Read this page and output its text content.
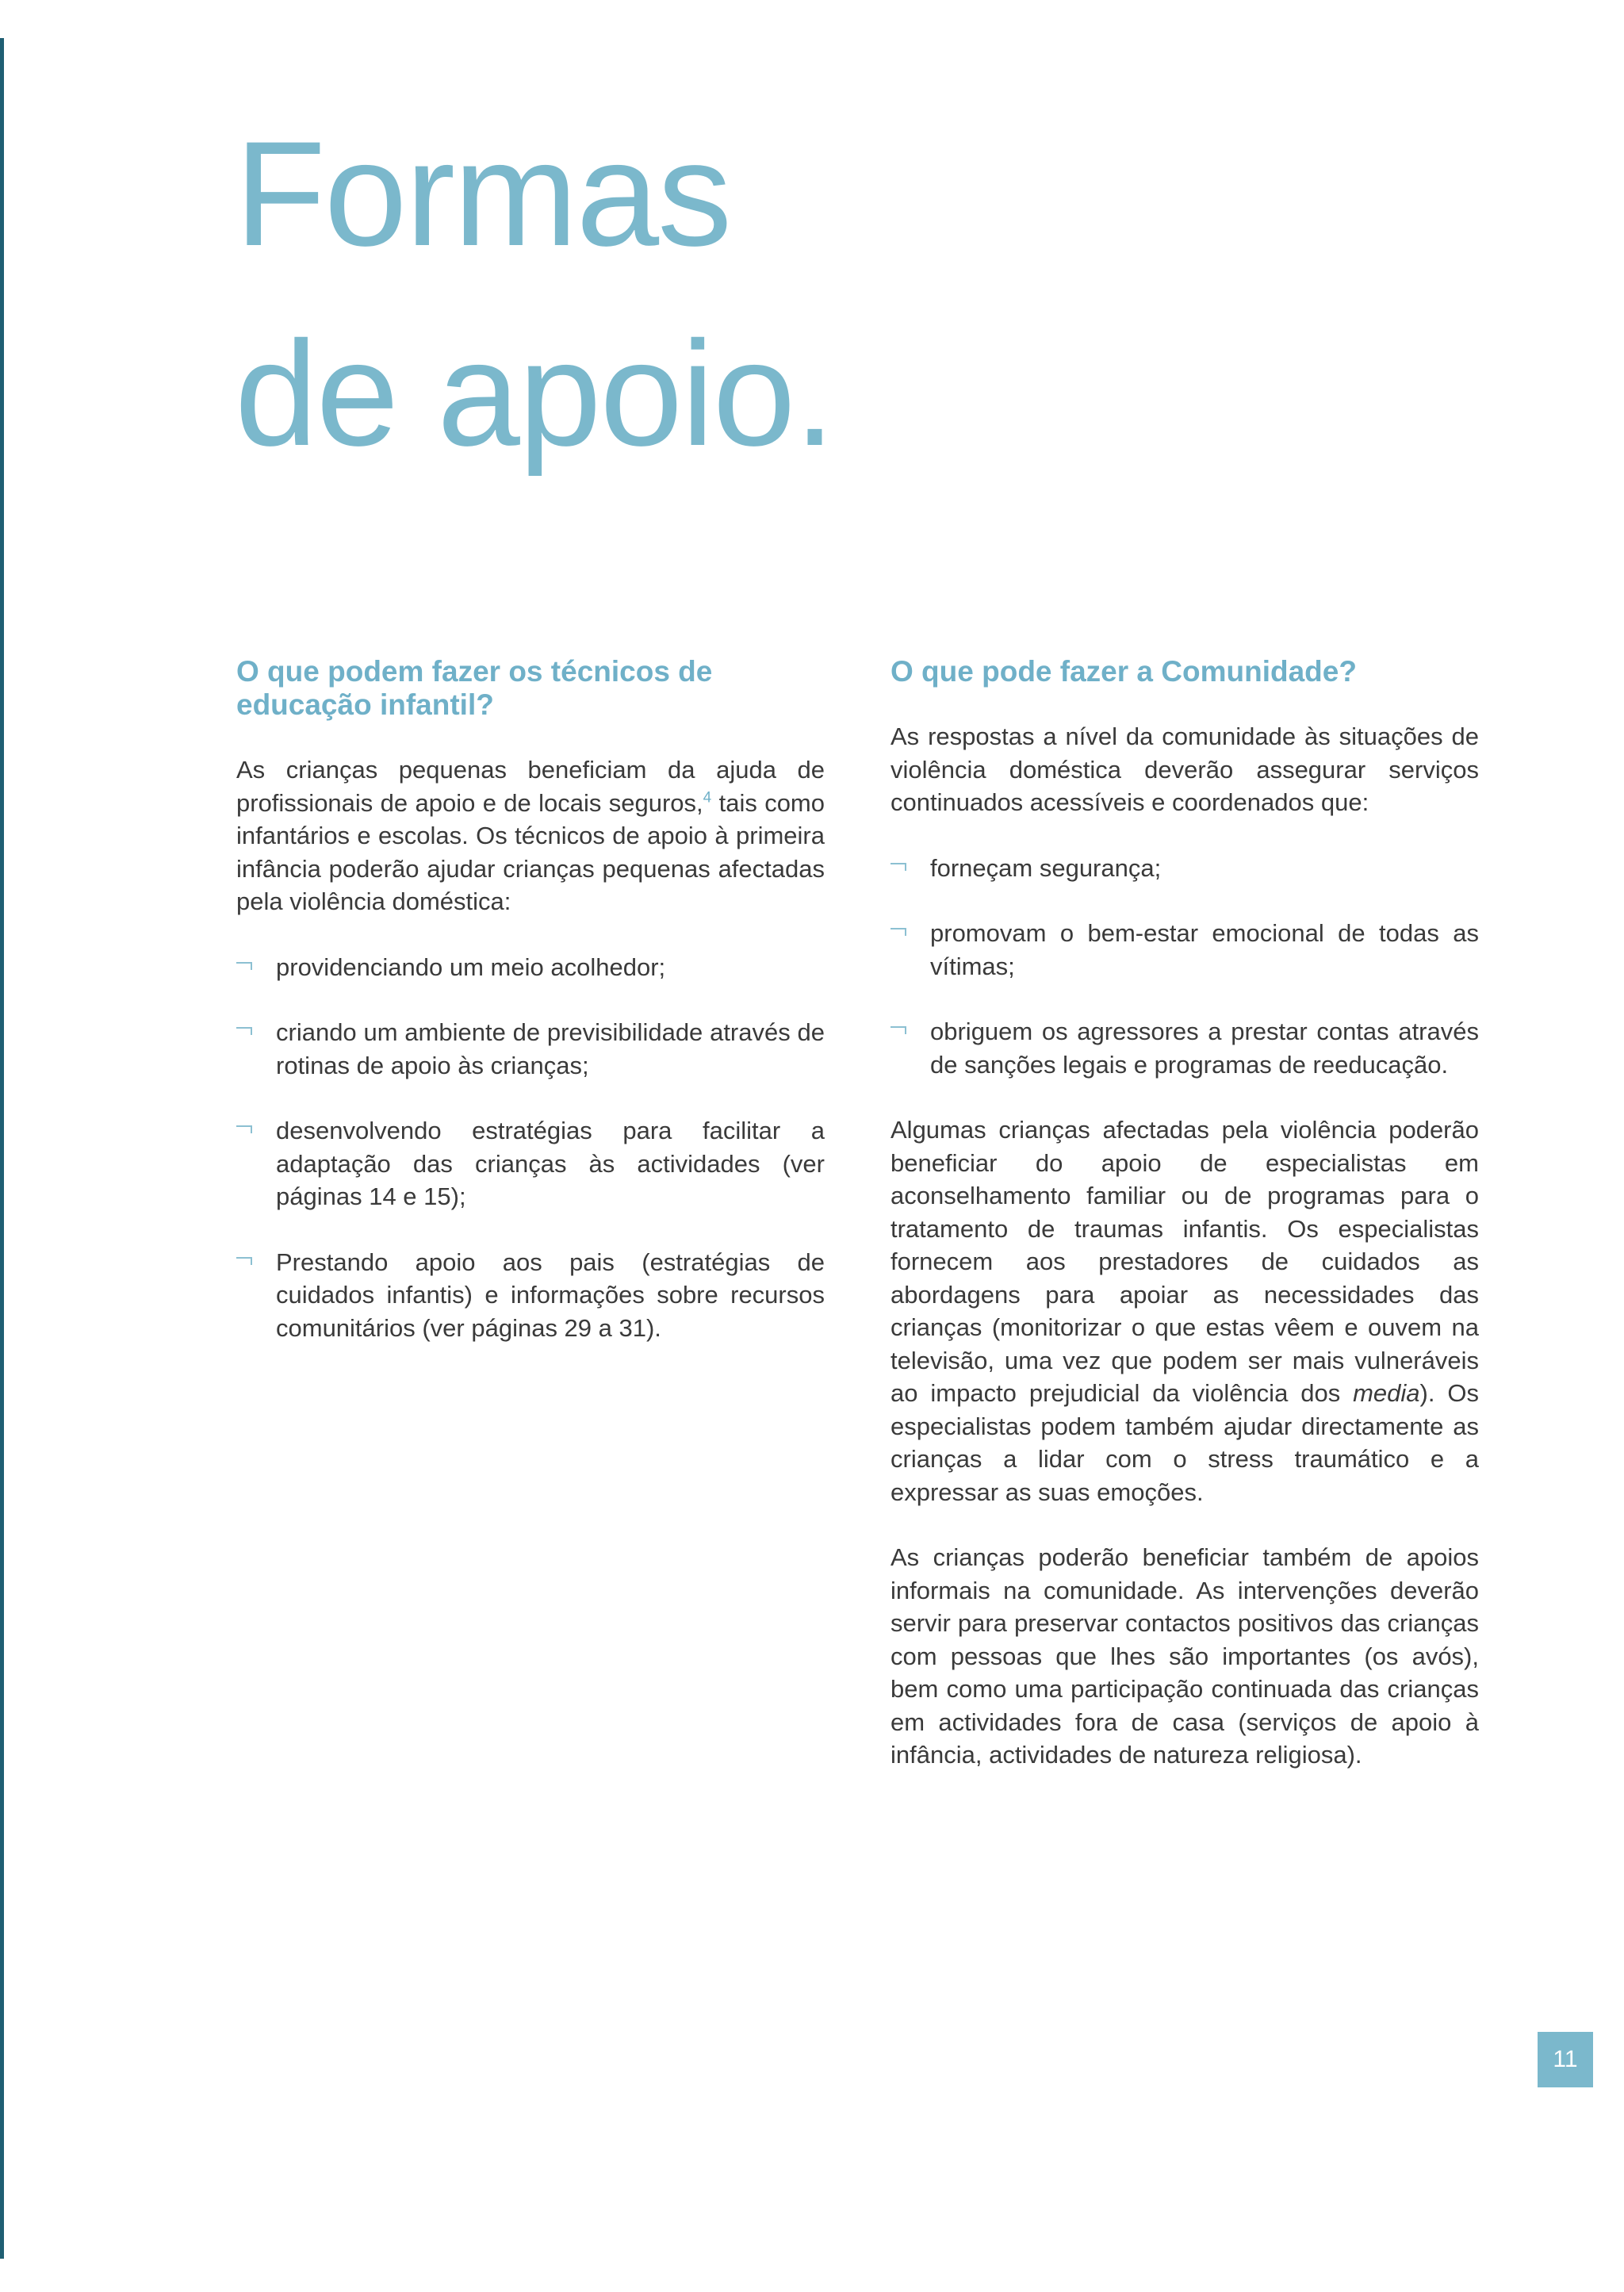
Formas
de apoio.
O que podem fazer os técnicos de educação infantil?

As crianças pequenas beneficiam da ajuda de profissionais de apoio e de locais seguros,$^4$ tais como infantários e escolas. Os técnicos de apoio à primeira infância poderão ajudar crianças pequenas afectadas pela violência doméstica:

providenciando um meio acolhedor;
criando um ambiente de previsibilidade através de rotinas de apoio às crianças;
desenvolvendo estratégias para facilitar a adaptação das crianças às actividades (ver páginas 14 e 15);
Prestando apoio aos pais (estratégias de cuidados infantis) e informações sobre recursos comunitários (ver páginas 29 a 31).
O que pode fazer a Comunidade?

As respostas a nível da comunidade às situações de violência doméstica deverão assegurar serviços continuados acessíveis e coordenados que:

forneçam segurança;
promovam o bem-estar emocional de todas as vítimas;
obriguem os agressores a prestar contas através de sanções legais e programas de reeducação.

Algumas crianças afectadas pela violência poderão beneficiar do apoio de especialistas em aconselhamento familiar ou de programas para o tratamento de traumas infantis. Os especialistas fornecem aos prestadores de cuidados as abordagens para apoiar as necessidades das crianças (monitorizar o que estas vêem e ouvem na televisão, uma vez que podem ser mais vulneráveis ao impacto prejudicial da violência dos media). Os especialistas podem também ajudar directamente as crianças a lidar com o stress traumático e a expressar as suas emoções.

As crianças poderão beneficiar também de apoios informais na comunidade. As intervenções deverão servir para preservar contactos positivos das crianças com pessoas que lhes são importantes (os avós), bem como uma participação continuada das crianças em actividades fora de casa (serviços de apoio à infância, actividades de natureza religiosa).

11
